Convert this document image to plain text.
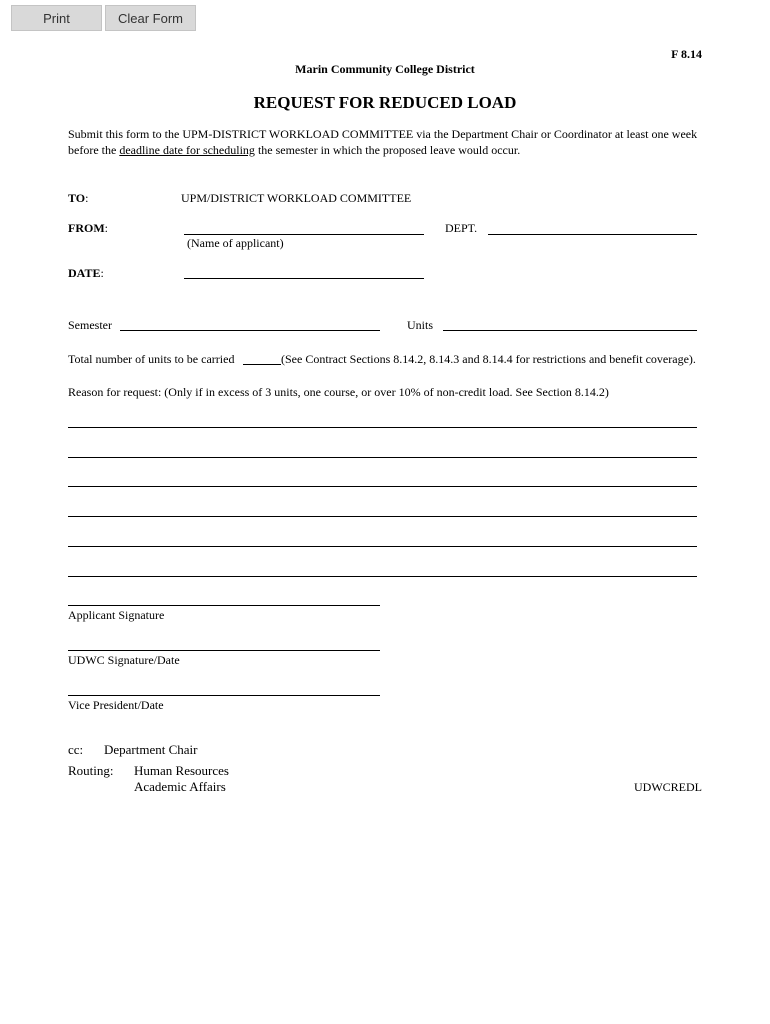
Print	Clear Form
F 8.14
Marin Community College District
REQUEST FOR REDUCED LOAD
Submit this form to the UPM-DISTRICT WORKLOAD COMMITTEE via the Department Chair or Coordinator at least one week before the deadline date for scheduling the semester in which the proposed leave would occur.
TO:	UPM/DISTRICT WORKLOAD COMMITTEE
FROM:
(Name of applicant)
DEPT.
DATE:
Semester	Units
Total number of units to be carried	(See Contract Sections 8.14.2, 8.14.3 and 8.14.4 for restrictions and benefit coverage).
Reason for request: (Only if in excess of 3 units, one course, or over 10% of non-credit load. See Section 8.14.2)
Applicant Signature
UDWC Signature/Date
Vice President/Date
cc: Department Chair
Routing: Human Resources
Academic Affairs	UDWCREDL
